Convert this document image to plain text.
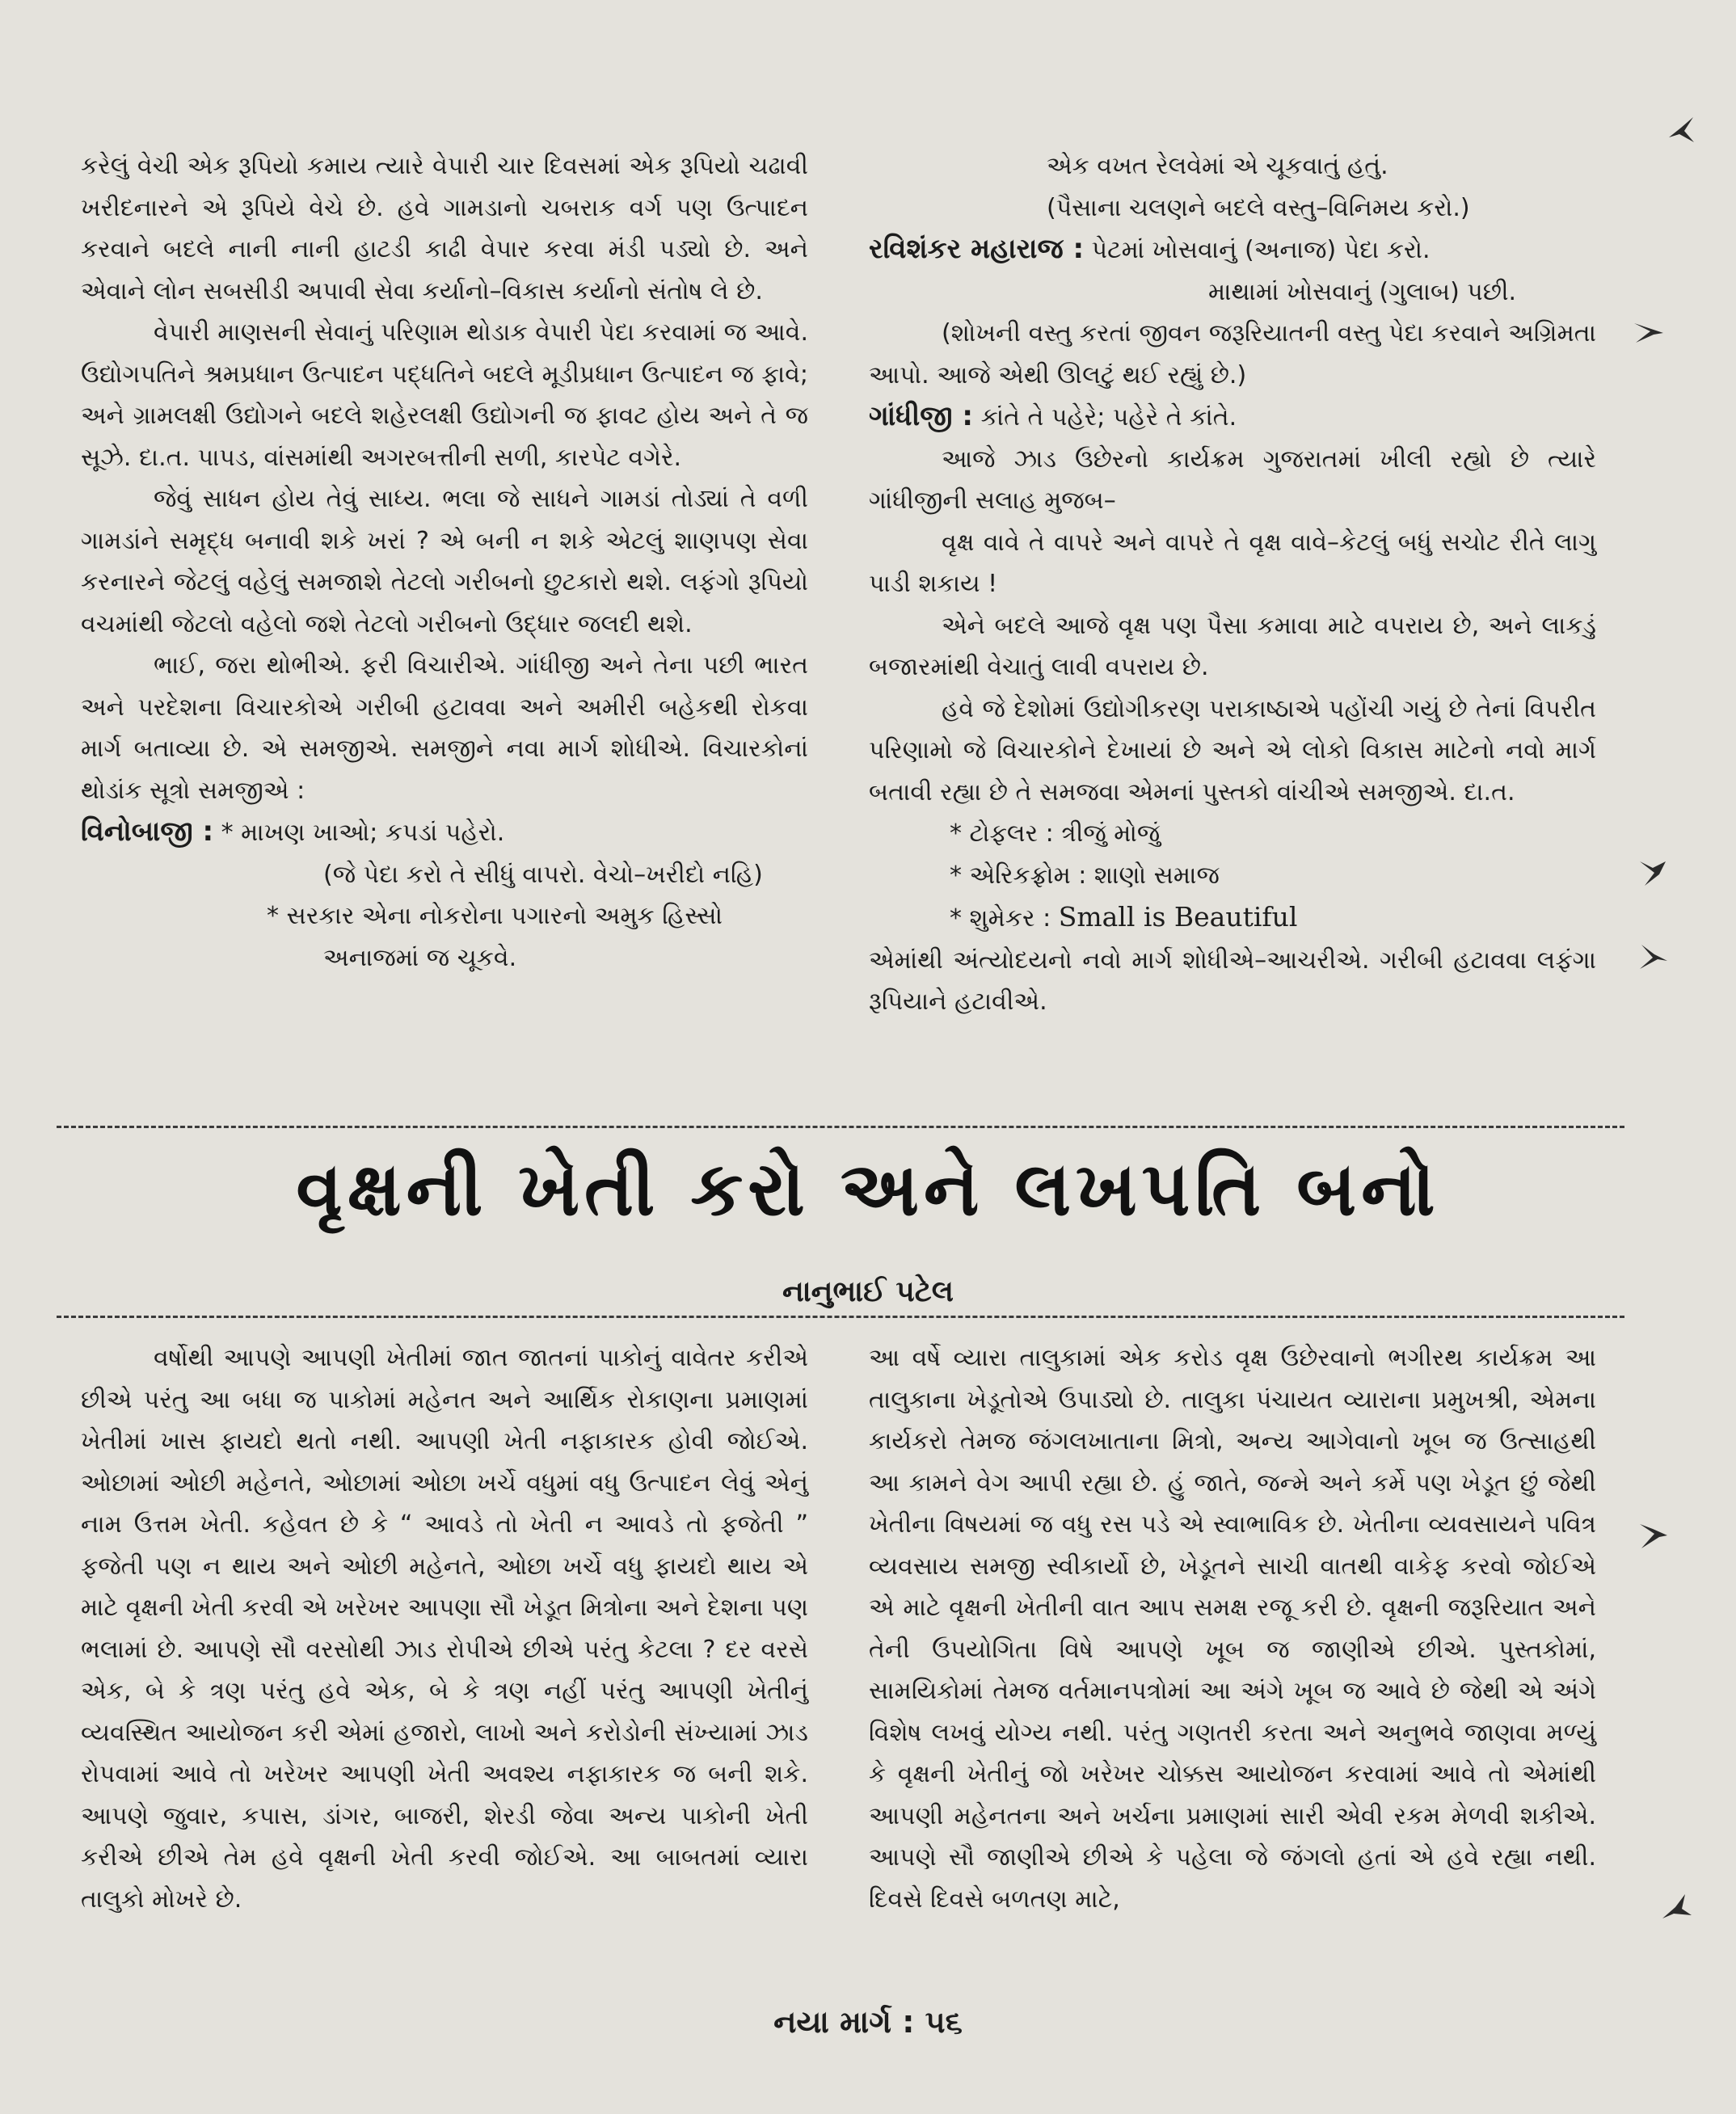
કરેલું વેચી એક રૂપિયો કમાય ત્યારે વેપારી ચાર દિવસમાં એક રૂપિયો ચઢાવી ખરીદનારને એ રૂપિયે વેચે છે. હવે ગામડાનો ચબરાક વર્ગ પણ ઉત્પાદન કરવાને બદલે નાની નાની હાટડી કાઢી વેપાર કરવા મંડી પડ્યો છે. અને એવાને લોન સબસીડી અપાવી સેવા કર્યાનો–વિકાસ કર્યાનો સંતોષ લે છે.

વેપારી માણસની સેવાનું પરિણામ થોડાક વેપારી પેદા કરવામાં જ આવે. ઉદ્યોગપતિને શ્રમપ્રધાન ઉત્પાદન પદ્ધતિને બદલે મૂડીપ્રધાન ઉત્પાદન જ ફાવે; અને ગ્રામલક્ષી ઉદ્યોગને બદલે શહેરલક્ષી ઉદ્યોગની જ ફાવટ હોય અને તે જ સૂઝે. દા.ત. પાપડ, વાંસમાંથી અગરબત્તીની સળી, કારપેટ વગેરે.

જેવું સાધન હોય તેવું સાધ્ય. ભલા જે સાધને ગામડાં તોડ્યાં તે વળી ગામડાંને સમૃદ્ધ બનાવી શકે ખરાં ? એ બની ન શકે એટલું શાણપણ સેવા કરનારને જેટલું વહેલું સમજાશે તેટલો ગરીબનો છુટકારો થશે. લફંગો રૂપિયો વચમાંથી જેટલો વહેલો જશે તેટલો ગરીબનો ઉદ્ધાર જલદી થશે.

ભાઈ, જરા થોભીએ. ફરી વિચારીએ. ગાંધીજી અને તેના પછી ભારત અને પરદેશના વિચારકોએ ગરીબી હટાવવા અને અમીરી બહેકથી રોકવા માર્ગ બતાવ્યા છે. એ સમજીએ. સમજીને નવા માર્ગ શોધીએ. વિચારકોનાં થોડાંક સૂત્રો સમજીએ :

વિનોબાજી : * માખણ ખાઓ; કપડાં પહેરો.
(જે પેદા કરો તે સીધું વાપરો. વેચો–ખરીદો નહિ)
* સરકાર એના નોકરોના પગારનો અમુક હિસ્સો
અનાજમાં જ ચૂકવે.
એક વખત રેલવેમાં એ ચૂકવાતું હતું.
(પૈસાના ચલણને બદલે વસ્તુ–વિનિમય કરો.)
રવિશંકર મહારાજ : પેટમાં ખોસવાનું (અનાજ) પેદા કરો.
માથામાં ખોસવાનું (ગુલાબ) પછી.

(શોખની વસ્તુ કરતાં જીવન જરૂરિયાતની વસ્તુ પેદા કરવાને અગ્રિમતા આપો. આજે એથી ઊલટું થઈ રહ્યું છે.)

ગાંધીજી : કાંતે તે પહેરે; પહેરે તે કાંતે.

આજે ઝાડ ઉછેરનો કાર્યક્રમ ગુજરાતમાં ખીલી રહ્યો છે ત્યારે ગાંધીજીની સલાહ મુજબ–

વૃક્ષ વાવે તે વાપરે અને વાપરે તે વૃક્ષ વાવે–કેટલું બધું સચોટ રીતે લાગુ પાડી શકાય !

એને બદલે આજે વૃક્ષ પણ પૈસા કમાવા માટે વપરાય છે, અને લાકડું બજારમાંથી વેચાતું લાવી વપરાય છે.

હવે જે દેશોમાં ઉદ્યોગીકરણ પરાકાષ્ઠાએ પહોંચી ગયું છે તેનાં વિપરીત પરિણામો જે વિચારકોને દેખાયાં છે અને એ લોકો વિકાસ માટેનો નવો માર્ગ બતાવી રહ્યા છે તે સમજવા એમનાં પુસ્તકો વાંચીએ સમજીએ. દા.ત.

* ટોફલર : ત્રીજું મોજું
* એરિકફ્રોમ : શાણો સમાજ
* શુમેકર : Small is Beautiful

એમાંથી અંત્યોદયનો નવો માર્ગ શોધીએ–આચરીએ. ગરીબી હટાવવા લફંગા રૂપિયાને હટાવીએ.

વૃક્ષની ખેતી કરો અને લખપતિ બનો
નાનુભાઈ પટેલ

વર્ષોથી આપણે આપણી ખેતીમાં જાત જાતનાં પાકોનું વાવેતર કરીએ છીએ પરંતુ આ બધા જ પાકોમાં મહેનત અને આર્થિક રોકાણના પ્રમાણમાં ખેતીમાં ખાસ ફાયદો થતો નથી. આપણી ખેતી નફાકારક હોવી જોઈએ. ઓછામાં ઓછી મહેનતે, ઓછામાં ઓછા ખર્ચે વધુમાં વધુ ઉત્પાદન લેવું એનું નામ ઉત્તમ ખેતી. કહેવત છે કે “ આવડે તો ખેતી ન આવડે તો ફજેતી ” ફજેતી પણ ન થાય અને ઓછી મહેનતે, ઓછા ખર્ચે વધુ ફાયદો થાય એ માટે વૃક્ષની ખેતી કરવી એ ખરેખર આપણા સૌ ખેડૂત મિત્રોના અને દેશના પણ ભલામાં છે. આપણે સૌ વરસોથી ઝાડ રોપીએ છીએ પરંતુ કેટલા ? દર વરસે એક, બે કે ત્રણ પરંતુ હવે એક, બે કે ત્રણ નહીં પરંતુ આપણી ખેતીનું વ્યવસ્થિત આયોજન કરી એમાં હજારો, લાખો અને કરોડોની સંખ્યામાં ઝાડ રોપવામાં આવે તો ખરેખર આપણી ખેતી અવશ્ય નફાકારક જ બની શકે. આપણે જુવાર, કપાસ, ડાંગર, બાજરી, શેરડી જેવા અન્ય પાકોની ખેતી કરીએ છીએ તેમ હવે વૃક્ષની ખેતી કરવી જોઈએ. આ બાબતમાં વ્યારા તાલુકો મોખરે છે.

આ વર્ષે વ્યારા તાલુકામાં એક કરોડ વૃક્ષ ઉછેરવાનો ભગીરથ કાર્યક્રમ આ તાલુકાના ખેડૂતોએ ઉપાડ્યો છે. તાલુકા પંચાયત વ્યારાના પ્રમુખશ્રી, એમના કાર્યકરો તેમજ જંગલખાતાના મિત્રો, અન્ય આગેવાનો ખૂબ જ ઉત્સાહથી આ કામને વેગ આપી રહ્યા છે. હું જાતે, જન્મે અને કર્મે પણ ખેડૂત છું જેથી ખેતીના વિષયમાં જ વધુ રસ પડે એ સ્વાભાવિક છે. ખેતીના વ્યવસાયને પવિત્ર વ્યવસાય સમજી સ્વીકાર્યો છે, ખેડૂતને સાચી વાતથી વાકેફ કરવો જોઈએ એ માટે વૃક્ષની ખેતીની વાત આપ સમક્ષ રજૂ કરી છે. વૃક્ષની જરૂરિયાત અને તેની ઉપયોગિતા વિષે આપણે ખૂબ જ જાણીએ છીએ. પુસ્તકોમાં, સામયિકોમાં તેમજ વર્તમાનપત્રોમાં આ અંગે ખૂબ જ આવે છે જેથી એ અંગે વિશેષ લખવું યોગ્ય નથી. પરંતુ ગણતરી કરતા અને અનુભવે જાણવા મળ્યું કે વૃક્ષની ખેતીનું જો ખરેખર ચોક્કસ આયોજન કરવામાં આવે તો એમાંથી આપણી મહેનતના અને ખર્ચના પ્રમાણમાં સારી એવી રકમ મેળવી શકીએ. આપણે સૌ જાણીએ છીએ કે પહેલા જે જંગલો હતાં એ હવે રહ્યા નથી. દિવસે દિવસે બળતણ માટે,

નયા માર્ગ : ૫૬
